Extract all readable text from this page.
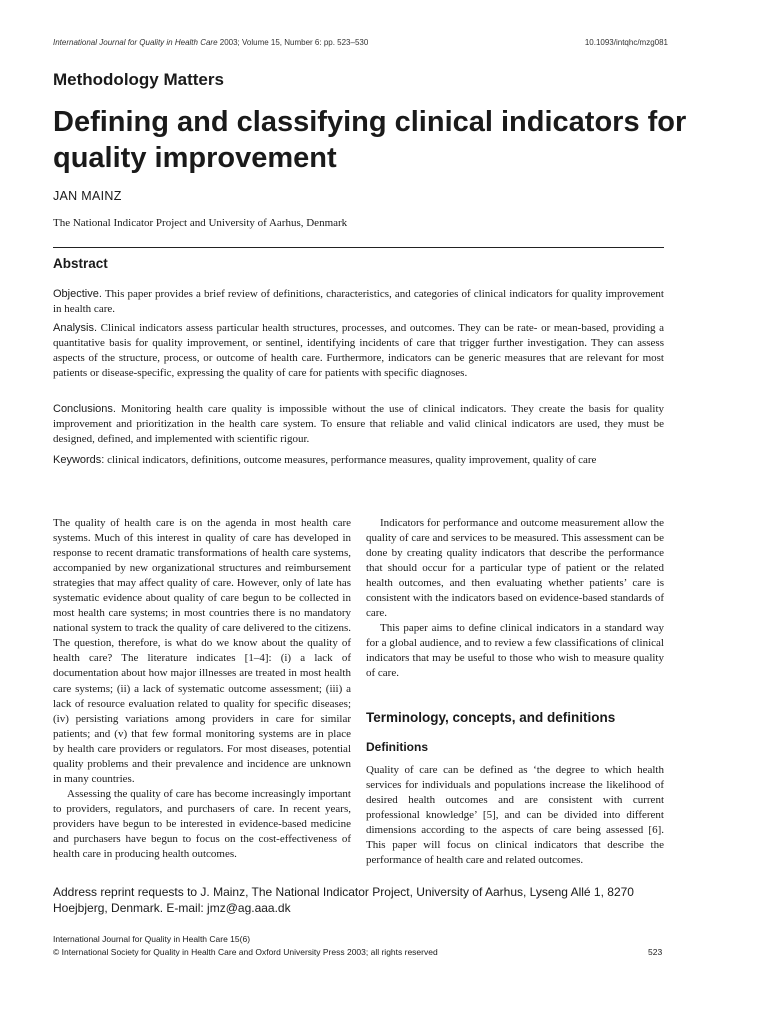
International Journal for Quality in Health Care 2003; Volume 15, Number 6: pp. 523–530	10.1093/intqhc/mzg081
Methodology Matters
Defining and classifying clinical indicators for quality improvement
JAN MAINZ
The National Indicator Project and University of Aarhus, Denmark
Abstract

Objective. This paper provides a brief review of definitions, characteristics, and categories of clinical indicators for quality improvement in health care.

Analysis. Clinical indicators assess particular health structures, processes, and outcomes. They can be rate- or mean-based, providing a quantitative basis for quality improvement, or sentinel, identifying incidents of care that trigger further investigation. They can assess aspects of the structure, process, or outcome of health care. Furthermore, indicators can be generic measures that are relevant for most patients or disease-specific, expressing the quality of care for patients with specific diagnoses.

Conclusions. Monitoring health care quality is impossible without the use of clinical indicators. They create the basis for quality improvement and prioritization in the health care system. To ensure that reliable and valid clinical indicators are used, they must be designed, defined, and implemented with scientific rigour.

Keywords: clinical indicators, definitions, outcome measures, performance measures, quality improvement, quality of care

The quality of health care is on the agenda in most health care systems. Much of this interest in quality of care has developed in response to recent dramatic transformations of health care systems, accompanied by new organizational structures and reimbursement strategies that may affect quality of care. However, only of late has systematic evidence about quality of care begun to be collected in most health care systems; in most countries there is no mandatory national system to track the quality of care delivered to the citizens. The question, therefore, is what do we know about the quality of health care? The literature indicates [1–4]: (i) a lack of documentation about how major illnesses are treated in most health care systems; (ii) a lack of systematic outcome assessment; (iii) a lack of resource evaluation related to quality for specific diseases; (iv) persisting variations among providers in care for similar patients; and (v) that few formal monitoring systems are in place by health care providers or regulators. For most diseases, potential quality problems and their prevalence and incidence are unknown in many countries.

Assessing the quality of care has become increasingly important to providers, regulators, and purchasers of care. In recent years, providers have begun to be interested in evidence-based medicine and purchasers have begun to focus on the cost-effectiveness of health care in producing health outcomes.

Indicators for performance and outcome measurement allow the quality of care and services to be measured. This assessment can be done by creating quality indicators that describe the performance that should occur for a particular type of patient or the related health outcomes, and then evaluating whether patients’ care is consistent with the indicators based on evidence-based standards of care.

This paper aims to define clinical indicators in a standard way for a global audience, and to review a few classifications of clinical indicators that may be useful to those who wish to measure quality of care.

Terminology, concepts, and definitions
Definitions

Quality of care can be defined as ‘the degree to which health services for individuals and populations increase the likelihood of desired health outcomes and are consistent with current professional knowledge’ [5], and can be divided into different dimensions according to the aspects of care being assessed [6]. This paper will focus on clinical indicators that describe the performance of health care and related outcomes.

Address reprint requests to J. Mainz, The National Indicator Project, University of Aarhus, Lyseng Allé 1, 8270 Hoejbjerg, Denmark. E-mail: jmz@ag.aaa.dk
International Journal for Quality in Health Care 15(6)
© International Society for Quality in Health Care and Oxford University Press 2003; all rights reserved	523
